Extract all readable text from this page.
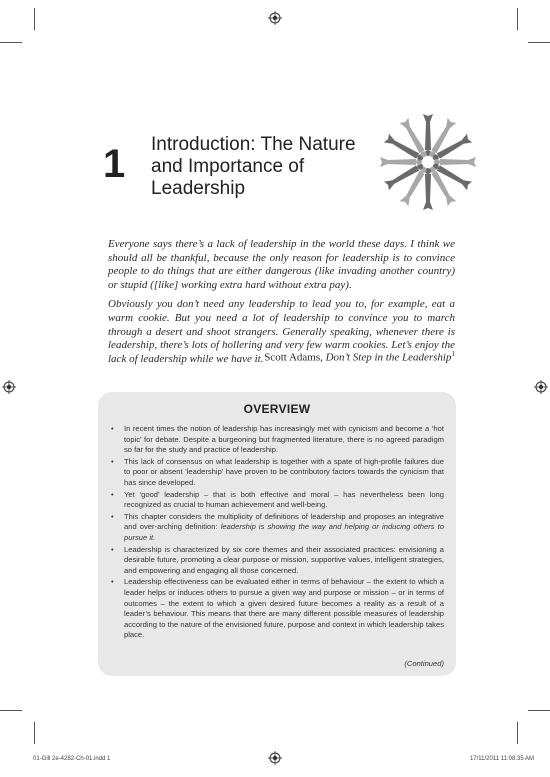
1 Introduction: The Nature
and Importance of
Leadership

Everyone says there’s a lack of leadership in the world these days. I think we should all be thankful, because the only reason for leadership is to convince people to do things that are either dangerous (like invading another country) or stupid ([like] working extra hard without extra pay).

Obviously you don’t need any leadership to lead you to, for example, eat a warm cookie. But you need a lot of leadership to convince you to march through a desert and shoot strangers. Generally speaking, whenever there is leadership, there’s lots of hollering and very few warm cookies. Let’s enjoy the lack of leadership while we have it. Scott Adams, Don’t Step in the Leadership$^1$
OVERVIEW
• In recent times the notion of leadership has increasingly met with cynicism and become a ‘hot topic’ for debate. Despite a burgeoning but fragmented literature, there is no agreed paradigm so far for the study and practice of leadership.
• This lack of consensus on what leadership is together with a spate of high-profile failures due to poor or absent ‘leadership’ have proven to be contributory factors towards the cynicism that has since developed.
• Yet ‘good’ leadership – that is both effective and moral – has nevertheless been long recognized as crucial to human achievement and well-being.
• This chapter considers the multiplicity of definitions of leadership and proposes an integrative and over-arching definition: leadership is showing the way and helping or inducing others to pursue it.
• Leadership is characterized by six core themes and their associated practices: envisioning a desirable future, promoting a clear purpose or mission, supportive values, intelligent strategies, and empowering and engaging all those concerned.
• Leadership effectiveness can be evaluated either in terms of behaviour – the extent to which a leader helps or induces others to pursue a given way and purpose or mission – or in terms of outcomes – the extent to which a given desired future becomes a reality as a result of a leader’s behaviour. This means that there are many different possible measures of leadership according to the nature of the envisioned future, purpose and context in which leadership takes place.
(Continued)
01-Gill 2e-4282-Ch-01.indd 1	17/11/2011 11:08:35 AM
